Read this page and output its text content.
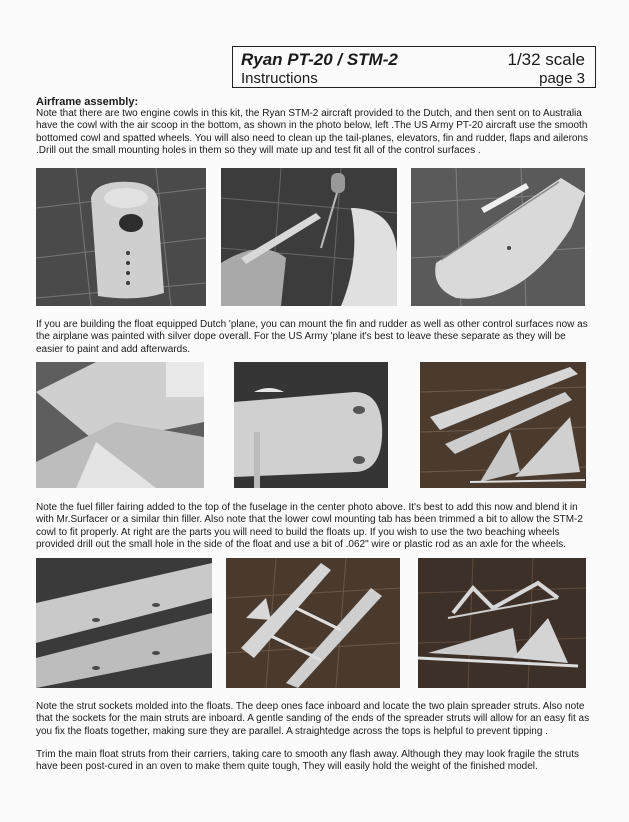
Ryan PT-20 / STM-2
Instructions
1/32 scale
page 3
Airframe assembly:

Note that there are two engine cowls in this kit, the Ryan STM-2 aircraft provided to the Dutch, and then sent on to Australia have the cowl with the air scoop in the bottom, as shown in the photo below, left .The US Army PT-20 aircraft use the smooth bottomed cowl and spatted wheels. You will also need to clean up the tail-planes, elevators, fin and rudder, flaps and ailerons .Drill out the small mounting holes in them so they will mate up and test fit all of the control surfaces .

If you are building the float equipped Dutch 'plane, you can mount the fin and rudder as well as other control surfaces now as the airplane was painted with silver dope overall. For the US Army 'plane it's best to leave these separate as they will be easier to paint and add afterwards.

Note the fuel filler fairing added to the top of the fuselage in the center photo above. It's best to add this now and blend it in with Mr.Surfacer or a similar thin filler. Also note that the lower cowl mounting tab has been trimmed a bit to allow the STM-2 cowl to fit properly. At right are the parts you will need to build the floats up. If you wish to use the two beaching wheels provided drill out the small hole in the side of the float and use a bit of .062" wire or plastic rod as an axle for the wheels.

Note the strut sockets molded into the floats. The deep ones face inboard and locate the two plain spreader struts. Also note that the sockets for the main struts are inboard. A gentle sanding of the ends of the spreader struts will allow for an easy fit as you fix the floats together, making sure they are parallel. A straightedge across the tops is helpful to prevent tipping .

Trim the main float struts from their carriers, taking care to smooth any flash away. Although they may look fragile the struts have been post-cured in an oven to make them quite tough, They will easily hold the weight of the finished model.
